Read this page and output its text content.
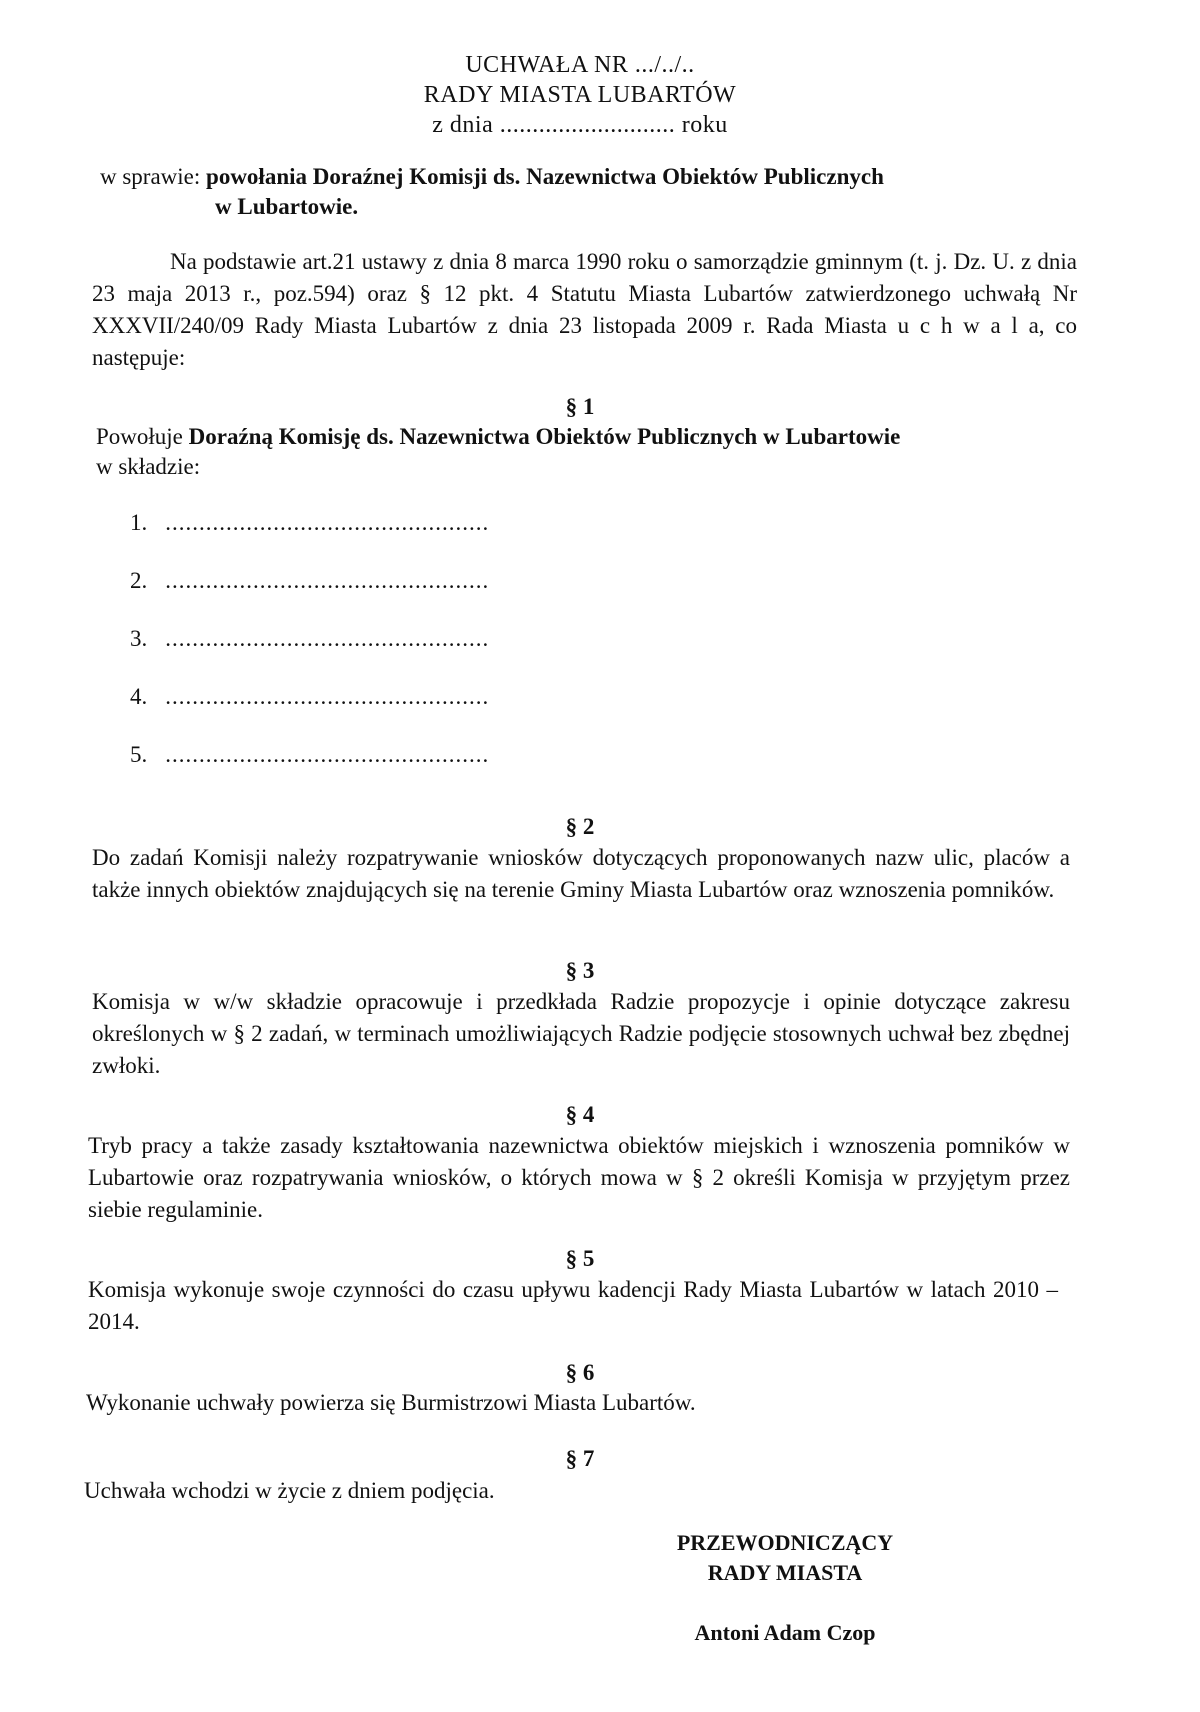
UCHWAŁA NR .../../..
RADY MIASTA LUBARTÓW
z dnia ........................... roku
w sprawie: powołania Doraźnej Komisji ds. Nazewnictwa Obiektów Publicznych
w Lubartowie.
Na podstawie art.21 ustawy z dnia 8 marca 1990 roku o samorządzie gminnym (t. j. Dz. U. z dnia 23 maja 2013 r., poz.594) oraz § 12 pkt. 4 Statutu Miasta Lubartów zatwierdzonego uchwałą Nr XXXVII/240/09 Rady Miasta Lubartów z dnia 23 listopada 2009 r. Rada Miasta u c h w a l a, co następuje:
§ 1
Powołuje Doraźną Komisję ds. Nazewnictwa Obiektów Publicznych w Lubartowie
w składzie:
1. ................................................
2. ................................................
3. ................................................
4. ................................................
5. ................................................
§ 2
Do zadań Komisji należy rozpatrywanie wniosków dotyczących proponowanych nazw ulic, placów a także innych obiektów znajdujących się na terenie Gminy Miasta Lubartów oraz wznoszenia pomników.
§ 3
Komisja w w/w składzie opracowuje i przedkłada Radzie propozycje i opinie dotyczące zakresu określonych w § 2 zadań, w terminach umożliwiających Radzie podjęcie stosownych uchwał bez zbędnej zwłoki.
§ 4
Tryb pracy a także zasady kształtowania nazewnictwa obiektów miejskich i wznoszenia pomników w Lubartowie oraz rozpatrywania wniosków, o których mowa w § 2 określi Komisja w przyjętym przez siebie regulaminie.
§ 5
Komisja wykonuje swoje czynności do czasu upływu kadencji Rady Miasta Lubartów w latach 2010 – 2014.
§ 6
Wykonanie uchwały powierza się Burmistrzowi Miasta Lubartów.
§ 7
Uchwała wchodzi w życie z dniem podjęcia.
PRZEWODNICZĄCY
RADY MIASTA
Antoni Adam Czop
